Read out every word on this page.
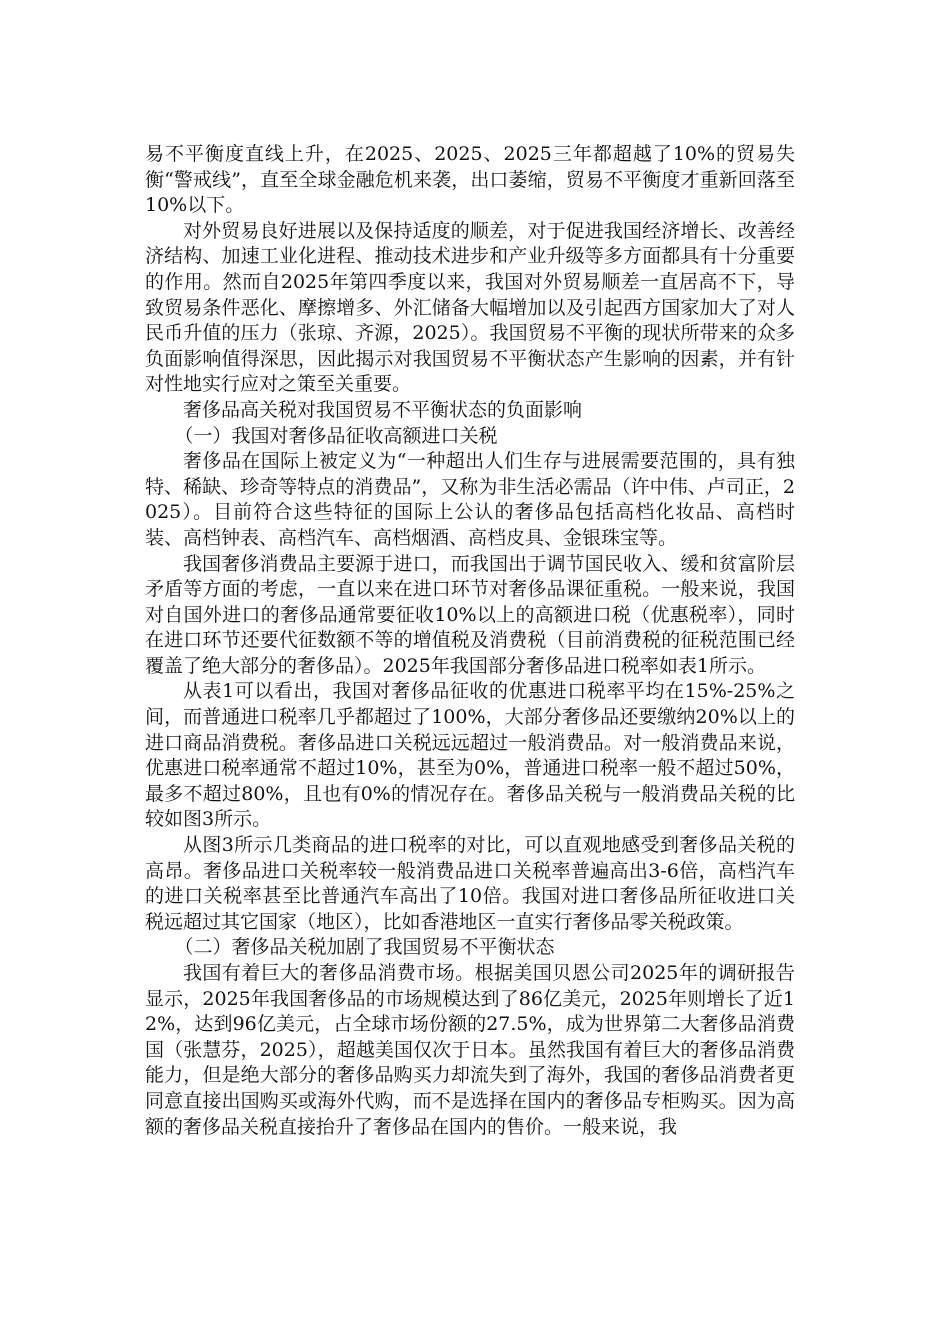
易不平衡度直线上升，在2025、2025、2025三年都超越了10%的贸易失衡“警戒线”，直至全球金融危机来袭，出口萎缩，贸易不平衡度才重新回落至10%以下。

对外贸易良好进展以及保持适度的顺差，对于促进我国经济增长、改善经济结构、加速工业化进程、推动技术进步和产业升级等多方面都具有十分重要的作用。然而自2025年第四季度以来，我国对外贸易顺差一直居高不下，导致贸易条件恶化、摩擦增多、外汇储备大幅增加以及引起西方国家加大了对人民币升值的压力（张琼、齐源，2025）。我国贸易不平衡的现状所带来的众多负面影响值得深思，因此揭示对我国贸易不平衡状态产生影响的因素，并有针对性地实行应对之策至关重要。

奢侈品高关税对我国贸易不平衡状态的负面影响

（一）我国对奢侈品征收高额进口关税

奢侈品在国际上被定义为“一种超出人们生存与进展需要范围的，具有独特、稀缺、珍奇等特点的消费品”，又称为非生活必需品（许中伟、卢司正，2025）。目前符合这些特征的国际上公认的奢侈品包括高档化妆品、高档时装、高档钟表、高档汽车、高档烟酒、高档皮具、金银珠宝等。

我国奢侈消费品主要源于进口，而我国出于调节国民收入、缓和贫富阶层矛盾等方面的考虑，一直以来在进口环节对奢侈品课征重税。一般来说，我国对自国外进口的奢侈品通常要征收10%以上的高额进口税（优惠税率），同时在进口环节还要代征数额不等的增值税及消费税（目前消费税的征税范围已经覆盖了绝大部分的奢侈品）。2025年我国部分奢侈品进口税率如表1所示。

从表1可以看出，我国对奢侈品征收的优惠进口税率平均在15%-25%之间，而普通进口税率几乎都超过了100%，大部分奢侈品还要缴纳20%以上的进口商品消费税。奢侈品进口关税远远超过一般消费品。对一般消费品来说，优惠进口税率通常不超过10%，甚至为0%，普通进口税率一般不超过50%，最多不超过80%，且也有0%的情况存在。奢侈品关税与一般消费品关税的比较如图3所示。

从图3所示几类商品的进口税率的对比，可以直观地感受到奢侈品关税的高昂。奢侈品进口关税率较一般消费品进口关税率普遍高出3-6倍，高档汽车的进口关税率甚至比普通汽车高出了10倍。我国对进口奢侈品所征收进口关税远超过其它国家（地区），比如香港地区一直实行奢侈品零关税政策。

（二）奢侈品关税加剧了我国贸易不平衡状态

我国有着巨大的奢侈品消费市场。根据美国贝恩公司2025年的调研报告显示，2025年我国奢侈品的市场规模达到了86亿美元，2025年则增长了近12%，达到96亿美元，占全球市场份额的27.5%，成为世界第二大奢侈品消费国（张慧芬，2025），超越美国仅次于日本。虽然我国有着巨大的奢侈品消费能力，但是绝大部分的奢侈品购买力却流失到了海外，我国的奢侈品消费者更同意直接出国购买或海外代购，而不是选择在国内的奢侈品专柜购买。因为高额的奢侈品关税直接抬升了奢侈品在国内的售价。一般来说，我
